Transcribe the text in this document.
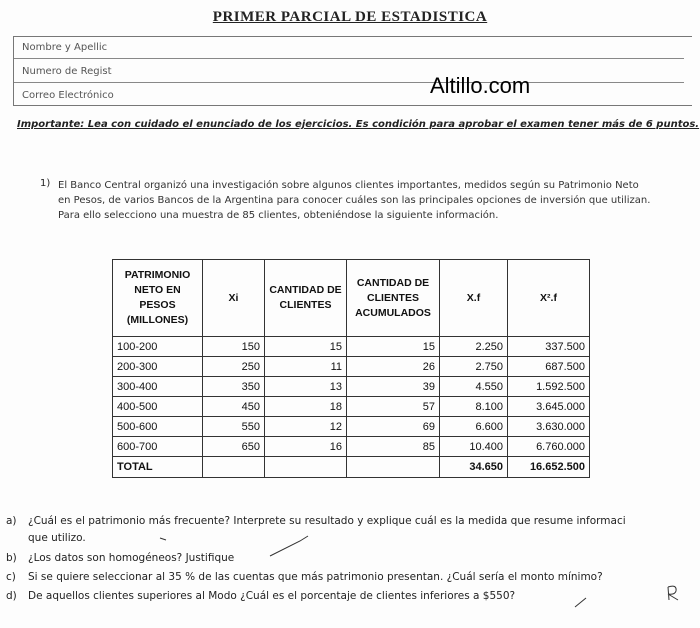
PRIMER PARCIAL DE ESTADISTICA
Nombre y Apellic
Numero de Regist
Correo Electrónico	Altillo.com
Importante: Lea con cuidado el enunciado de los ejercicios. Es condición para aprobar el examen tener más de 6 puntos.
1) El Banco Central organizó una investigación sobre algunos clientes importantes, medidos según su Patrimonio Neto
en Pesos, de varios Bancos de la Argentina para conocer cuáles son las principales opciones de inversión que utilizan.
Para ello selecciono una muestra de 85 clientes, obteniéndose la siguiente información.
PATRIMONIO NETO EN PESOS (MILLONES)	Xi	CANTIDAD DE CLIENTES	CANTIDAD DE CLIENTES ACUMULADOS	X.f	X².f
100-200	150	15	15	2.250	337.500
200-300	250	11	26	2.750	687.500
300-400	350	13	39	4.550	1.592.500
400-500	450	18	57	8.100	3.645.000
500-600	550	12	69	6.600	3.630.000
600-700	650	16	85	10.400	6.760.000
TOTAL				34.650	16.652.500
a) ¿Cuál es el patrimonio más frecuente? Interprete su resultado y explique cuál es la medida que resume informaci
que utilizo.
b) ¿Los datos son homogéneos? Justifique
c) Si se quiere seleccionar al 35 % de las cuentas que más patrimonio presentan. ¿Cuál sería el monto mínimo?
d) De aquellos clientes superiores al Modo ¿Cuál es el porcentaje de clientes inferiores a $550?
